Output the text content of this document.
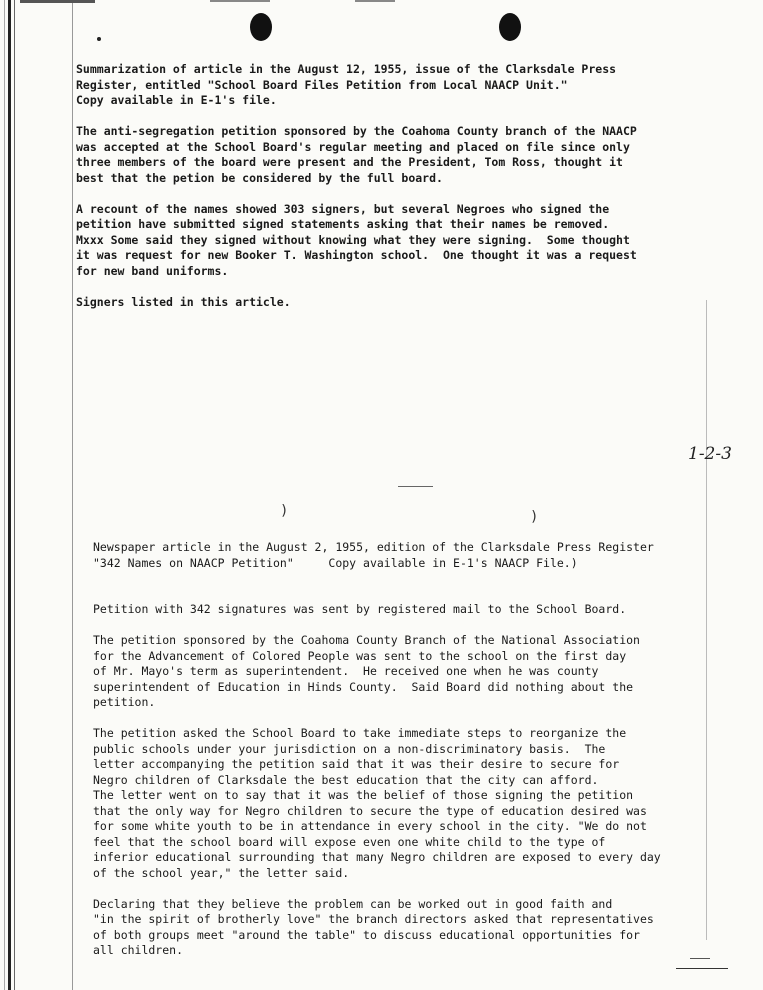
Summarization of article in the August 12, 1955, issue of the Clarksdale Press
Register, entitled "School Board Files Petition from Local NAACP Unit."
Copy available in E-1's file.

The anti-segregation petition sponsored by the Coahoma County branch of the NAACP
was accepted at the School Board's regular meeting and placed on file since only
three members of the board were present and the President, Tom Ross, thought it
best that the petion be considered by the full board.

A recount of the names showed 303 signers, but several Negroes who signed the
petition have submitted signed statements asking that their names be removed.
Mxxx Some said they signed without knowing what they were signing.  Some thought
it was request for new Booker T. Washington school.  One thought it was a request
for new band uniforms.

Signers listed in this article.
1-2-3
)	)
Newspaper article in the August 2, 1955, edition of the Clarksdale Press Register
"342 Names on NAACP Petition"     Copy available in E-1's NAACP File.)

Petition with 342 signatures was sent by registered mail to the School Board.

The petition sponsored by the Coahoma County Branch of the National Association
for the Advancement of Colored People was sent to the school on the first day
of Mr. Mayo's term as superintendent.  He received one when he was county
superintendent of Education in Hinds County.  Said Board did nothing about the
petition.

The petition asked the School Board to take immediate steps to reorganize the
public schools under your jurisdiction on a non-discriminatory basis.  The
letter accompanying the petition said that it was their desire to secure for
Negro children of Clarksdale the best education that the city can afford.
The letter went on to say that it was the belief of those signing the petition
that the only way for Negro children to secure the type of education desired was
for some white youth to be in attendance in every school in the city. "We do not
feel that the school board will expose even one white child to the type of
inferior educational surrounding that many Negro children are exposed to every day
of the school year," the letter said.

Declaring that they believe the problem can be worked out in good faith and
"in the spirit of brotherly love" the branch directors asked that representatives
of both groups meet "around the table" to discuss educational opportunities for
all children.
